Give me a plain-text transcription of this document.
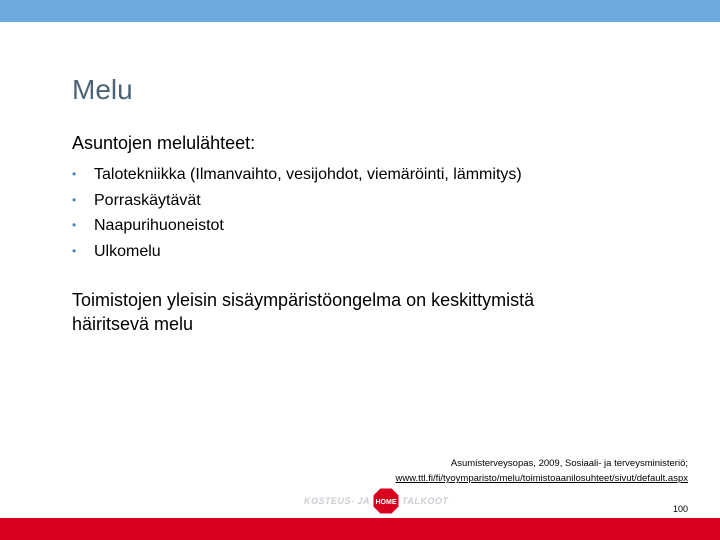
Melu
Asuntojen melulähteet:
• Talotekniikka (Ilmanvaihto, vesijohdot, viemäröinti, lämmitys)
• Porraskäytävät
• Naapurihuoneistot
• Ulkomelu
Toimistojen yleisin sisäympäristöongelma on keskittymistä
häiritsevä melu
Asumisterveysopas, 2009, Sosiaali- ja terveysministeriö;
www.ttl.fi/fi/tyoymparisto/melu/toimistoaanilosuhteet/sivut/default.aspx
KOSTEUS- JA HOME TALKOOT
100
